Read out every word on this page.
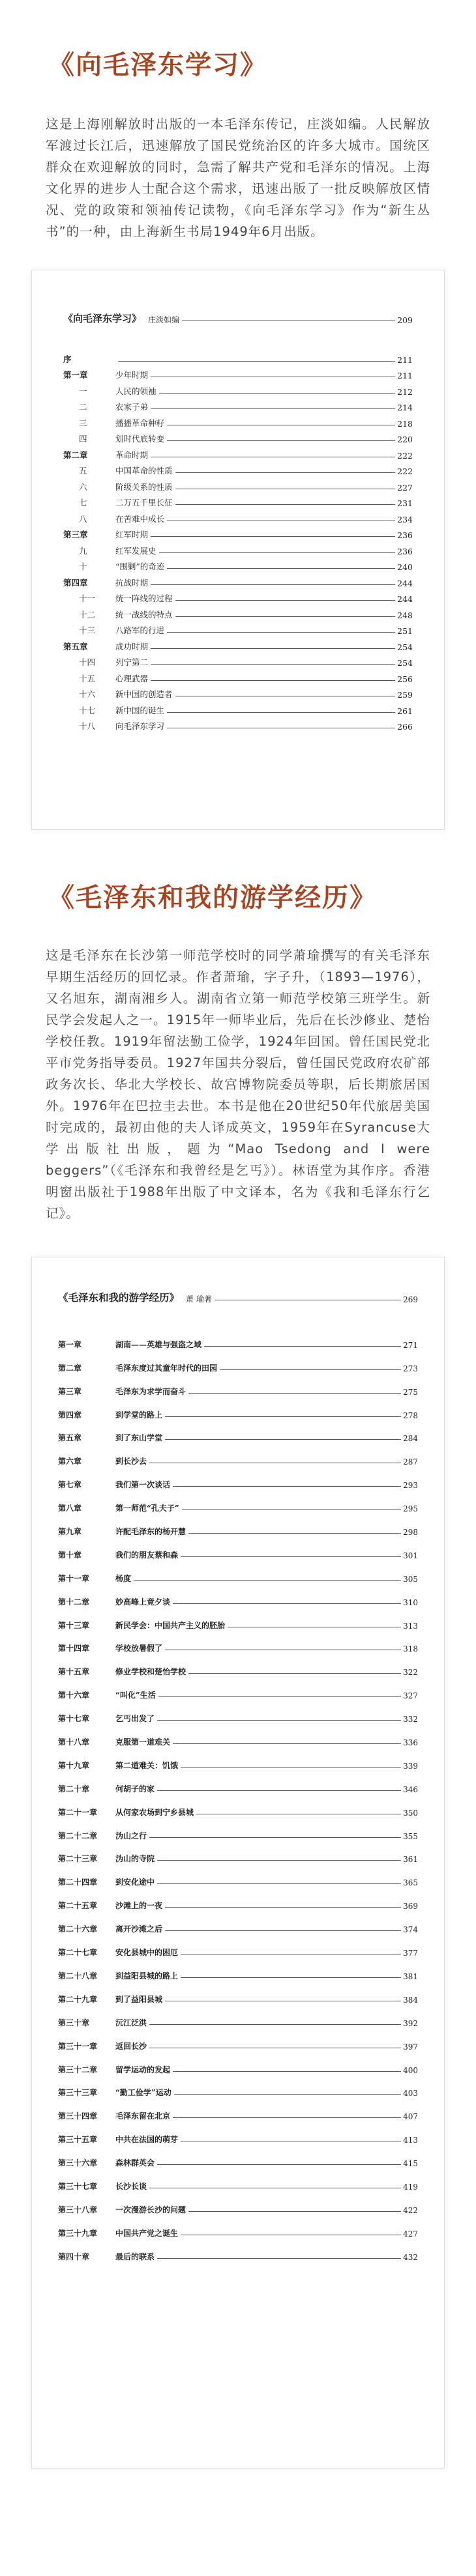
《向毛泽东学习》

这是上海刚解放时出版的一本毛泽东传记，庄淡如编。人民解放军渡过长江后，迅速解放了国民党统治区的许多大城市。国统区群众在欢迎解放的同时，急需了解共产党和毛泽东的情况。上海文化界的进步人士配合这个需求，迅速出版了一批反映解放区情况、党的政策和领袖传记读物，《向毛泽东学习》作为“新生丛书”的一种，由上海新生书局1949年6月出版。

《向毛泽东学习》 庄淡如编	209
序	211
第一章	少年时期	211
一	人民的领袖	212
二	农家子弟	214
三	播播革命种籽	218
四	划时代底转变	220
第二章	革命时期	222
五	中国革命的性质	222
六	阶级关系的性质	227
七	二万五千里长征	231
八	在苦难中成长	234
第三章	红军时期	236
九	红军发展史	236
十	“围剿”的奇迹	240
第四章	抗战时期	244
十一	统一阵线的过程	244
十二	统一战线的特点	248
十三	八路军的行进	251
第五章	成功时期	254
十四	列宁第二	254
十五	心理武器	256
十六	新中国的创造者	259
十七	新中国的诞生	261
十八	向毛泽东学习	266
《毛泽东和我的游学经历》

这是毛泽东在长沙第一师范学校时的同学萧瑜撰写的有关毛泽东早期生活经历的回忆录。作者萧瑜，字子升，（1893—1976），又名旭东，湖南湘乡人。湖南省立第一师范学校第三班学生。新民学会发起人之一。1915年一师毕业后，先后在长沙修业、楚怡学校任教。1919年留法勤工俭学，1924年回国。曾任国民党北平市党务指导委员。1927年国共分裂后，曾任国民党政府农矿部政务次长、华北大学校长、故宫博物院委员等职，后长期旅居国外。1976年在巴拉圭去世。本书是他在20世纪50年代旅居美国时完成的，最初由他的夫人译成英文，1959年在Syrancuse大学出版社出版，题为“Mao Tsedong and I were beggers”（《毛泽东和我曾经是乞丐》）。林语堂为其作序。香港明窗出版社于1988年出版了中文译本，名为《我和毛泽东行乞记》。

《毛泽东和我的游学经历》 萧 瑜著	269
第一章	湖南——英雄与强盗之域	271
第二章	毛泽东度过其童年时代的田园	273
第三章	毛泽东为求学而奋斗	275
第四章	到学堂的路上	278
第五章	到了东山学堂	284
第六章	到长沙去	287
第七章	我们第一次谈话	293
第八章	第一师范“孔夫子”	295
第九章	许配毛泽东的杨开慧	298
第十章	我们的朋友蔡和森	301
第十一章	杨度	305
第十二章	妙高峰上竟夕谈	310
第十三章	新民学会：中国共产主义的胚胎	313
第十四章	学校放暑假了	318
第十五章	修业学校和楚怡学校	322
第十六章	“叫化”生活	327
第十七章	乞丐出发了	332
第十八章	克服第一道难关	336
第十九章	第二道难关：饥饿	339
第二十章	何胡子的家	346
第二十一章	从何家农场到宁乡县城	350
第二十二章	沩山之行	355
第二十三章	沩山的寺院	361
第二十四章	到安化途中	365
第二十五章	沙滩上的一夜	369
第二十六章	离开沙滩之后	374
第二十七章	安化县城中的困厄	377
第二十八章	到益阳县城的路上	381
第二十九章	到了益阳县城	384
第三十章	沅江泛洪	392
第三十一章	返回长沙	397
第三十二章	留学运动的发起	400
第三十三章	“勤工俭学”运动	403
第三十四章	毛泽东留在北京	407
第三十五章	中共在法国的萌芽	413
第三十六章	森林群英会	415
第三十七章	长沙长谈	419
第三十八章	一次漫游长沙的问题	422
第三十九章	中国共产党之诞生	427
第四十章	最后的联系	432
